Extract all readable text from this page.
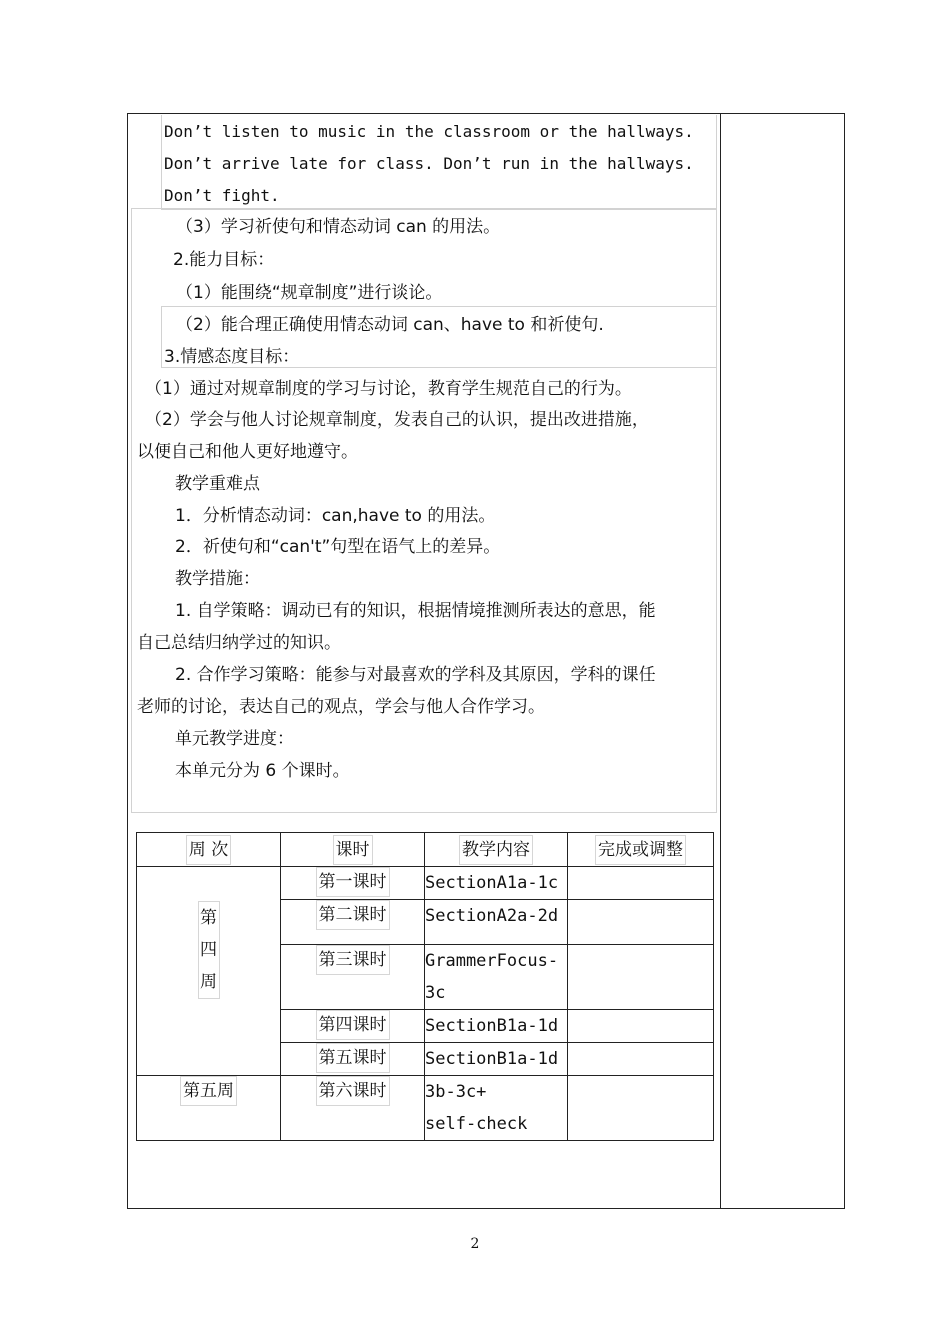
Don’t listen to music in the classroom or the hallways.
Don’t arrive late for class. Don’t run in the hallways.
Don’t fight.
（3）学习祈使句和情态动词 can 的用法。
2.能力目标：
（1）能围绕“规章制度”进行谈论。
（2）能合理正确使用情态动词 can、have to 和祈使句.
3.情感态度目标：
（1）通过对规章制度的学习与讨论，教育学生规范自己的行为。
（2）学会与他人讨论规章制度，发表自己的认识，提出改进措施，
以便自己和他人更好地遵守。
教学重难点
1．分析情态动词：can,have to 的用法。
2．祈使句和“can't”句型在语气上的差异。
教学措施：
1. 自学策略：调动已有的知识，根据情境推测所表达的意思，能
自己总结归纳学过的知识。
2. 合作学习策略：能参与对最喜欢的学科及其原因，学科的课任
老师的讨论，表达自己的观点，学会与他人合作学习。
单元教学进度：
本单元分为 6 个课时。
周 次	课时	教学内容	完成或调整
第
四
周	第一课时	SectionA1a-1c	
	第二课时	SectionA2a-2d	
	第三课时	GrammerFocus-
3c	
	第四课时	SectionB1a-1d	
	第五课时	SectionB1a-1d	
第五周	第六课时	3b-3c+
self-check	
2
